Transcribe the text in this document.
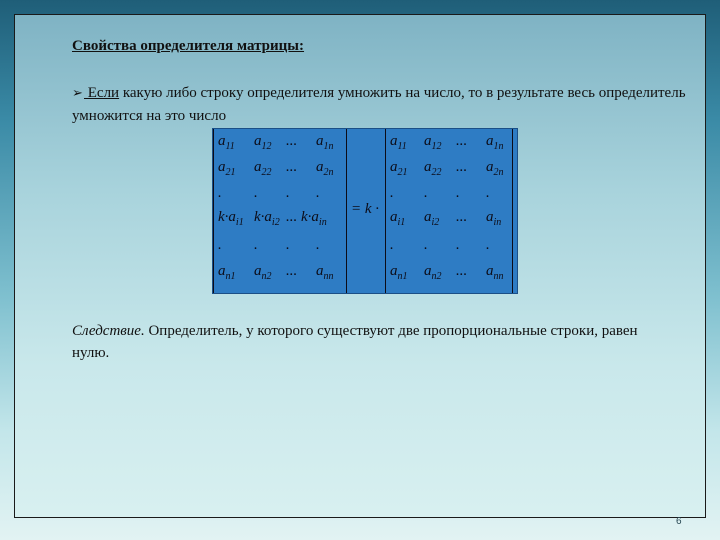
Свойства определителя матрицы:
➢ Если какую либо строку определителя умножить на число, то в результате весь определитель умножится на это число
$a_{11}$ $a_{12}$ ... $a_{1n}$
$a_{21}$ $a_{22}$ ... $a_{2n}$
. . . .
$k\cdot a_{i1}$ $k\cdot a_{i2}$ ... $k\cdot a_{in}$
. . . .
$a_{n1}$ $a_{n2}$ ... $a_{nn}$
= k ·
$a_{11}$ $a_{12}$ ... $a_{1n}$
$a_{21}$ $a_{22}$ ... $a_{2n}$
. . . .
$a_{i1}$ $a_{i2}$ ... $a_{in}$
. . . .
$a_{n1}$ $a_{n2}$ ... $a_{nn}$
Следствие. Определитель, у которого существуют две пропорциональные строки, равен нулю.
6
